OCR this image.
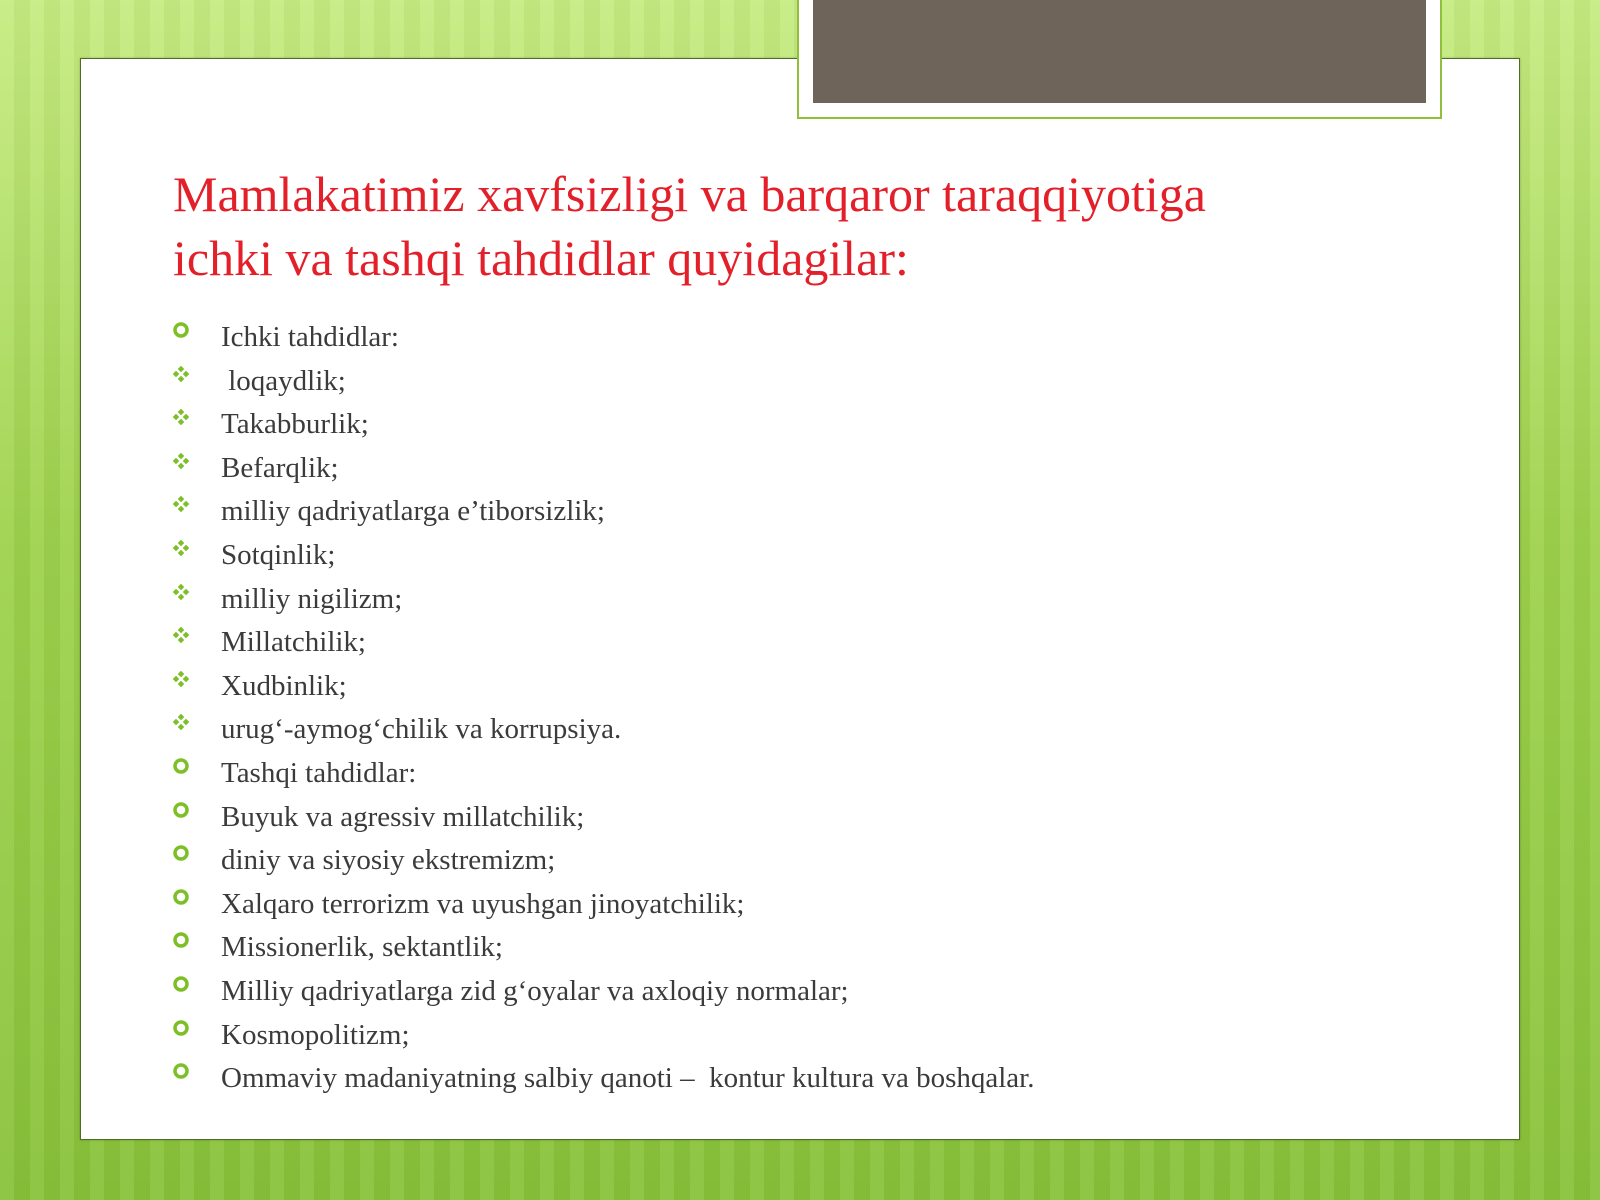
Mamlakatimiz xavfsizligi va barqaror taraqqiyotiga
ichki va tashqi tahdidlar quyidagilar:
Ichki tahdidlar:
loqaydlik;
Takabburlik;
Befarqlik;
milliy qadriyatlarga e’tiborsizlik;
Sotqinlik;
milliy nigilizm;
Millatchilik;
Xudbinlik;
urug‘-aymog‘chilik va korrupsiya.
Tashqi tahdidlar:
Buyuk va agressiv millatchilik;
diniy va siyosiy ekstremizm;
Xalqaro terrorizm va uyushgan jinoyatchilik;
Missionerlik, sektantlik;
Milliy qadriyatlarga zid g‘oyalar va axloqiy normalar;
Kosmopolitizm;
Ommaviy madaniyatning salbiy qanoti –  kontur kultura va boshqalar.
